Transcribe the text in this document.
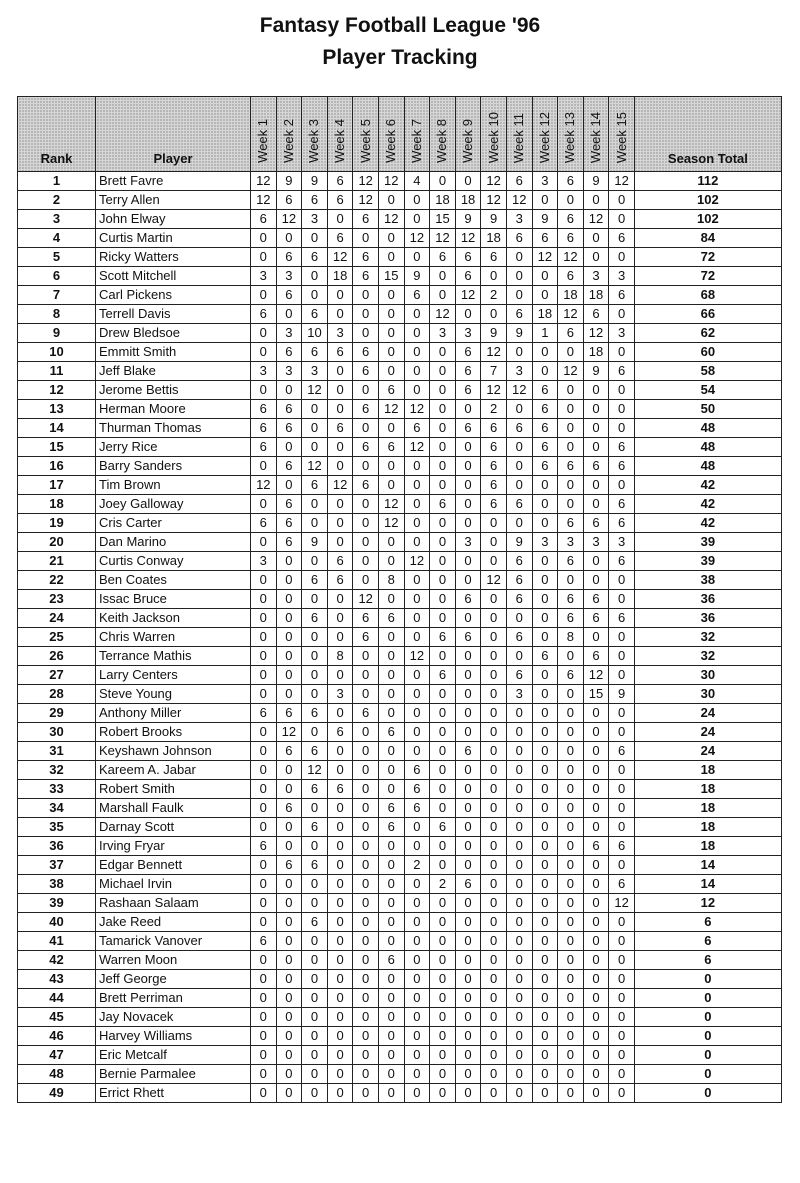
Fantasy Football League '96
Player Tracking
Rank	Player	Week 1	Week 2	Week 3	Week 4	Week 5	Week 6	Week 7	Week 8	Week 9	Week 10	Week 11	Week 12	Week 13	Week 14	Week 15	Season Total
1	Brett Favre	12	9	9	6	12	12	4	0	0	12	6	3	6	9	12	112
2	Terry Allen	12	6	6	6	12	0	0	18	18	12	12	0	0	0	0	102
3	John Elway	6	12	3	0	6	12	0	15	9	9	3	9	6	12	0	102
4	Curtis Martin	0	0	0	6	0	0	12	12	12	18	6	6	6	0	6	84
5	Ricky Watters	0	6	6	12	6	0	0	6	6	6	0	12	12	0	0	72
6	Scott Mitchell	3	3	0	18	6	15	9	0	6	0	0	0	6	3	3	72
7	Carl Pickens	0	6	0	0	0	0	6	0	12	2	0	0	18	18	6	68
8	Terrell Davis	6	0	6	0	0	0	0	12	0	0	6	18	12	6	0	66
9	Drew Bledsoe	0	3	10	3	0	0	0	3	3	9	9	1	6	12	3	62
10	Emmitt Smith	0	6	6	6	6	0	0	0	6	12	0	0	0	18	0	60
11	Jeff Blake	3	3	3	0	6	0	0	0	6	7	3	0	12	9	6	58
12	Jerome Bettis	0	0	12	0	0	6	0	0	6	12	12	6	0	0	0	54
13	Herman Moore	6	6	0	0	6	12	12	0	0	2	0	6	0	0	0	50
14	Thurman Thomas	6	6	0	6	0	0	6	0	6	6	6	6	0	0	0	48
15	Jerry Rice	6	0	0	0	6	6	12	0	0	6	0	6	0	0	6	48
16	Barry Sanders	0	6	12	0	0	0	0	0	0	6	0	6	6	6	6	48
17	Tim Brown	12	0	6	12	6	0	0	0	0	6	0	0	0	0	0	42
18	Joey Galloway	0	6	0	0	0	12	0	6	0	6	6	0	0	0	6	42
19	Cris Carter	6	6	0	0	0	12	0	0	0	0	0	0	6	6	6	42
20	Dan Marino	0	6	9	0	0	0	0	0	3	0	9	3	3	3	3	39
21	Curtis Conway	3	0	0	6	0	0	12	0	0	0	6	0	6	0	6	39
22	Ben Coates	0	0	6	6	0	8	0	0	0	12	6	0	0	0	0	38
23	Issac Bruce	0	0	0	0	12	0	0	0	6	0	6	0	6	6	0	36
24	Keith Jackson	0	0	6	0	6	6	0	0	0	0	0	0	6	6	6	36
25	Chris Warren	0	0	0	0	6	0	0	6	6	0	6	0	8	0	0	32
26	Terrance Mathis	0	0	0	8	0	0	12	0	0	0	0	6	0	6	0	32
27	Larry Centers	0	0	0	0	0	0	0	6	0	0	6	0	6	12	0	30
28	Steve Young	0	0	0	3	0	0	0	0	0	0	3	0	0	15	9	30
29	Anthony Miller	6	6	6	0	6	0	0	0	0	0	0	0	0	0	0	24
30	Robert Brooks	0	12	0	6	0	6	0	0	0	0	0	0	0	0	0	24
31	Keyshawn Johnson	0	6	6	0	0	0	0	0	6	0	0	0	0	0	6	24
32	Kareem A. Jabar	0	0	12	0	0	0	6	0	0	0	0	0	0	0	0	18
33	Robert Smith	0	0	6	6	0	0	6	0	0	0	0	0	0	0	0	18
34	Marshall Faulk	0	6	0	0	0	6	6	0	0	0	0	0	0	0	0	18
35	Darnay Scott	0	0	6	0	0	6	0	6	0	0	0	0	0	0	0	18
36	Irving Fryar	6	0	0	0	0	0	0	0	0	0	0	0	0	6	6	18
37	Edgar Bennett	0	6	6	0	0	0	2	0	0	0	0	0	0	0	0	14
38	Michael Irvin	0	0	0	0	0	0	0	2	6	0	0	0	0	0	6	14
39	Rashaan Salaam	0	0	0	0	0	0	0	0	0	0	0	0	0	0	12	12
40	Jake Reed	0	0	6	0	0	0	0	0	0	0	0	0	0	0	0	6
41	Tamarick Vanover	6	0	0	0	0	0	0	0	0	0	0	0	0	0	0	6
42	Warren Moon	0	0	0	0	0	6	0	0	0	0	0	0	0	0	0	6
43	Jeff George	0	0	0	0	0	0	0	0	0	0	0	0	0	0	0	0
44	Brett Perriman	0	0	0	0	0	0	0	0	0	0	0	0	0	0	0	0
45	Jay Novacek	0	0	0	0	0	0	0	0	0	0	0	0	0	0	0	0
46	Harvey Williams	0	0	0	0	0	0	0	0	0	0	0	0	0	0	0	0
47	Eric Metcalf	0	0	0	0	0	0	0	0	0	0	0	0	0	0	0	0
48	Bernie Parmalee	0	0	0	0	0	0	0	0	0	0	0	0	0	0	0	0
49	Errict Rhett	0	0	0	0	0	0	0	0	0	0	0	0	0	0	0	0
